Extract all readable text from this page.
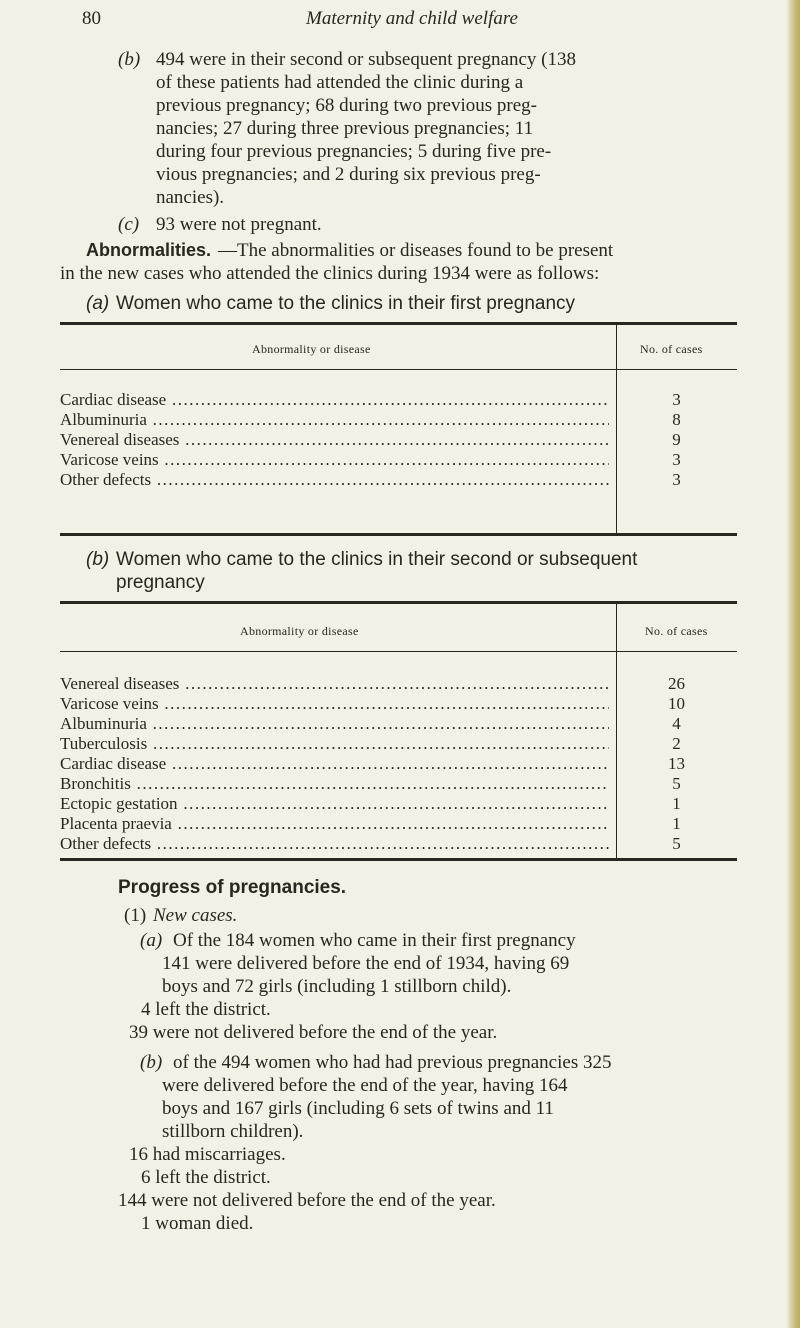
80	Maternity and child welfare
(b) 494 were in their second or subsequent pregnancy (138
of these patients had attended the clinic during a
previous pregnancy; 68 during two previous preg-
nancies; 27 during three previous pregnancies; 11
during four previous pregnancies; 5 during five pre-
vious pregnancies; and 2 during six previous preg-
nancies).
(c) 93 were not pregnant.
Abnormalities. —The abnormalities or diseases found to be present
in the new cases who attended the clinics during 1934 were as follows:
(a) Women who came to the clinics in their first pregnancy
Abnormality or disease	No. of cases
Cardiac disease .....	3
Albuminuria .....	8
Venereal diseases .....	9
Varicose veins .....	3
Other defects .....	3
(b) Women who came to the clinics in their second or subsequent
pregnancy
Abnormality or disease	No. of cases
Venereal diseases .....	26
Varicose veins .....	10
Albuminuria .....	4
Tuberculosis .....	2
Cardiac disease .....	13
Bronchitis .....	5
Ectopic gestation .....	1
Placenta praevia .....	1
Other defects .....	5
Progress of pregnancies.
(1) New cases.
(a) Of the 184 women who came in their first pregnancy
141 were delivered before the end of 1934, having 69
boys and 72 girls (including 1 stillborn child).
4 left the district.
39 were not delivered before the end of the year.
(b) of the 494 women who had had previous pregnancies 325
were delivered before the end of the year, having 164
boys and 167 girls (including 6 sets of twins and 11
stillborn children).
16 had miscarriages.
6 left the district.
144 were not delivered before the end of the year.
1 woman died.
